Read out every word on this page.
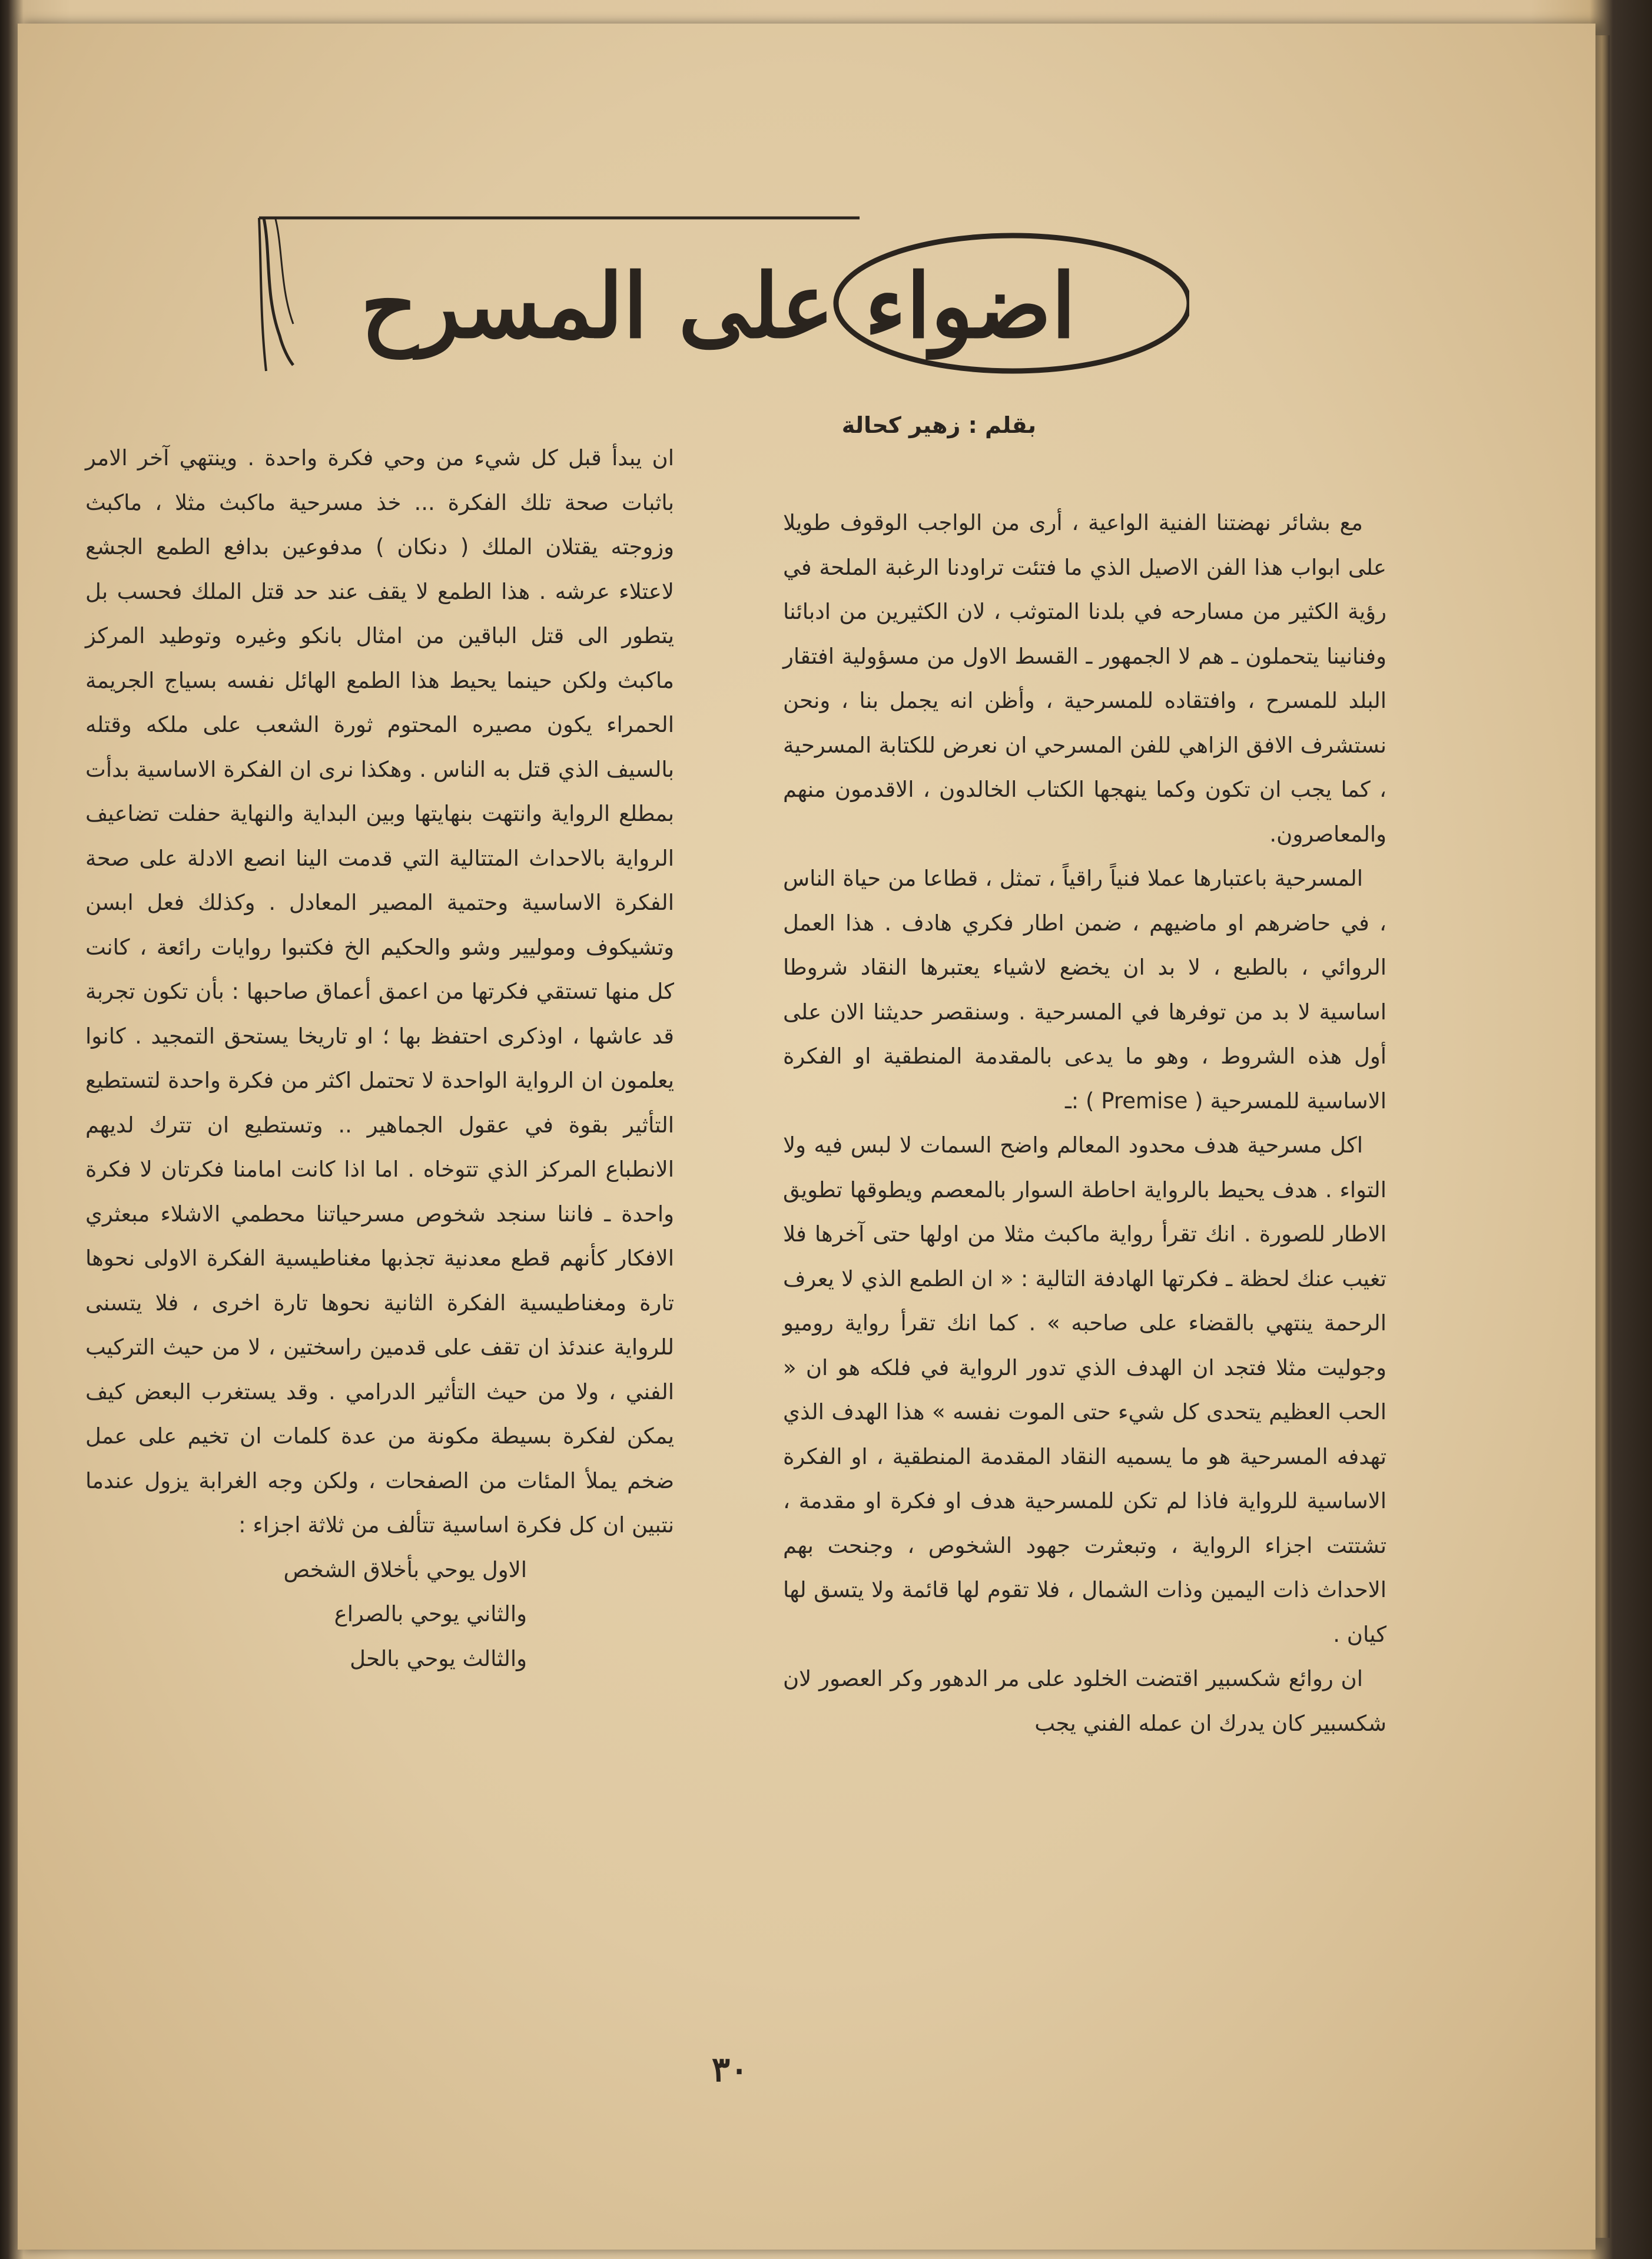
اضواء على المسرح
بقلم : زهير كحالة

مع بشائر نهضتنا الفنية الواعية ، أرى من الواجب الوقوف طويلا على ابواب هذا الفن الاصيل الذي ما فتئت تراودنا الرغبة الملحة في رؤية الكثير من مسارحه في بلدنا المتوثب ، لان الكثيرين من ادبائنا وفنانينا يتحملون ـ هم لا الجمهور ـ القسط الاول من مسؤولية افتقار البلد للمسرح ، وافتقاده للمسرحية ، وأظن انه يجمل بنا ، ونحن نستشرف الافق الزاهي للفن المسرحي ان نعرض للكتابة المسرحية ، كما يجب ان تكون وكما ينهجها الكتاب الخالدون ، الاقدمون منهم والمعاصرون.

المسرحية باعتبارها عملا فنياً راقياً ، تمثل ، قطاعا من حياة الناس ، في حاضرهم او ماضيهم ، ضمن اطار فكري هادف . هذا العمل الروائي ، بالطبع ، لا بد ان يخضع لاشياء يعتبرها النقاد شروطا اساسية لا بد من توفرها في المسرحية . وسنقصر حديثنا الان على أول هذه الشروط ، وهو ما يدعى بالمقدمة المنطقية او الفكرة الاساسية للمسرحية ( Premise ) :ـ

اكل مسرحية هدف محدود المعالم واضح السمات لا لبس فيه ولا التواء . هدف يحيط بالرواية احاطة السوار بالمعصم ويطوقها تطويق الاطار للصورة . انك تقرأ رواية ماكبث مثلا من اولها حتى آخرها فلا تغيب عنك لحظة ـ فكرتها الهادفة التالية : « ان الطمع الذي لا يعرف الرحمة ينتهي بالقضاء على صاحبه » . كما انك تقرأ رواية روميو وجوليت مثلا فتجد ان الهدف الذي تدور الرواية في فلكه هو ان « الحب العظيم يتحدى كل شيء حتى الموت نفسه » هذا الهدف الذي تهدفه المسرحية هو ما يسميه النقاد المقدمة المنطقية ، او الفكرة الاساسية للرواية فاذا لم تكن للمسرحية هدف او فكرة او مقدمة ، تشتتت اجزاء الرواية ، وتبعثرت جهود الشخوص ، وجنحت بهم الاحداث ذات اليمين وذات الشمال ، فلا تقوم لها قائمة ولا يتسق لها كيان .

ان روائع شكسبير اقتضت الخلود على مر الدهور وكر العصور لان شكسبير كان يدرك ان عمله الفني يجب

ان يبدأ قبل كل شيء من وحي فكرة واحدة . وينتهي آخر الامر باثبات صحة تلك الفكرة ... خذ مسرحية ماكبث مثلا ، ماكبث وزوجته يقتلان الملك ( دنكان ) مدفوعين بدافع الطمع الجشع لاعتلاء عرشه . هذا الطمع لا يقف عند حد قتل الملك فحسب بل يتطور الى قتل الباقين من امثال بانكو وغيره وتوطيد المركز ماكبث ولكن حينما يحيط هذا الطمع الهائل نفسه بسياج الجريمة الحمراء يكون مصيره المحتوم ثورة الشعب على ملكه وقتله بالسيف الذي قتل به الناس . وهكذا نرى ان الفكرة الاساسية بدأت بمطلع الرواية وانتهت بنهايتها وبين البداية والنهاية حفلت تضاعيف الرواية بالاحداث المتتالية التي قدمت الينا انصع الادلة على صحة الفكرة الاساسية وحتمية المصير المعادل . وكذلك فعل ابسن وتشيكوف وموليير وشو والحكيم الخ فكتبوا روايات رائعة ، كانت كل منها تستقي فكرتها من اعمق أعماق صاحبها : بأن تكون تجربة قد عاشها ، اوذكرى احتفظ بها ؛ او تاريخا يستحق التمجيد . كانوا يعلمون ان الرواية الواحدة لا تحتمل اكثر من فكرة واحدة لتستطيع التأثير بقوة في عقول الجماهير .. وتستطيع ان تترك لديهم الانطباع المركز الذي تتوخاه . اما اذا كانت امامنا فكرتان لا فكرة واحدة ـ فاننا سنجد شخوص مسرحياتنا محطمي الاشلاء مبعثري الافكار كأنهم قطع معدنية تجذبها مغناطيسية الفكرة الاولى نحوها تارة ومغناطيسية الفكرة الثانية نحوها تارة اخرى ، فلا يتسنى للرواية عندئذ ان تقف على قدمين راسختين ، لا من حيث التركيب الفني ، ولا من حيث التأثير الدرامي . وقد يستغرب البعض كيف يمكن لفكرة بسيطة مكونة من عدة كلمات ان تخيم على عمل ضخم يملأ المئات من الصفحات ، ولكن وجه الغرابة يزول عندما نتبين ان كل فكرة اساسية تتألف من ثلاثة اجزاء :

الاول يوحي بأخلاق الشخص

والثاني يوحي بالصراع

والثالث يوحي بالحل

٣٠
